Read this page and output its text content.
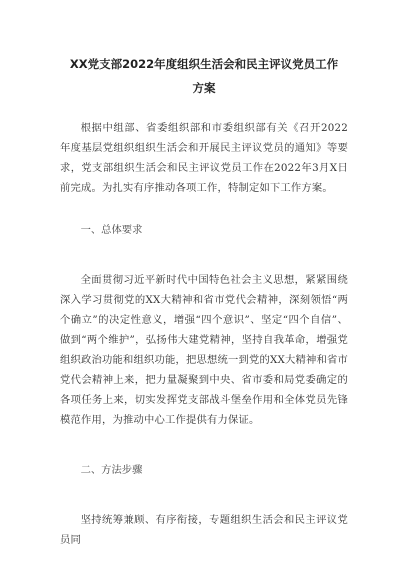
XX党支部2022年度组织生活会和民主评议党员工作方案

根据中组部、省委组织部和市委组织部有关《召开2022年度基层党组织组织生活会和开展民主评议党员的通知》等要求，党支部组织生活会和民主评议党员工作在2022年3月X日前完成。为扎实有序推动各项工作，特制定如下工作方案。

一、总体要求

全面贯彻习近平新时代中国特色社会主义思想，紧紧围绕深入学习贯彻党的XX大精神和省市党代会精神，深刻领悟“两个确立”的决定性意义，增强“四个意识”、坚定“四个自信”、做到“两个维护”，弘扬伟大建党精神，坚持自我革命，增强党组织政治功能和组织功能，把思想统一到党的XX大精神和省市党代会精神上来，把力量凝聚到中央、省市委和局党委确定的各项任务上来，切实发挥党支部战斗堡垒作用和全体党员先锋模范作用，为推动中心工作提供有力保证。

二、方法步骤

坚持统筹兼顾、有序衔接，专题组织生活会和民主评议党员同
